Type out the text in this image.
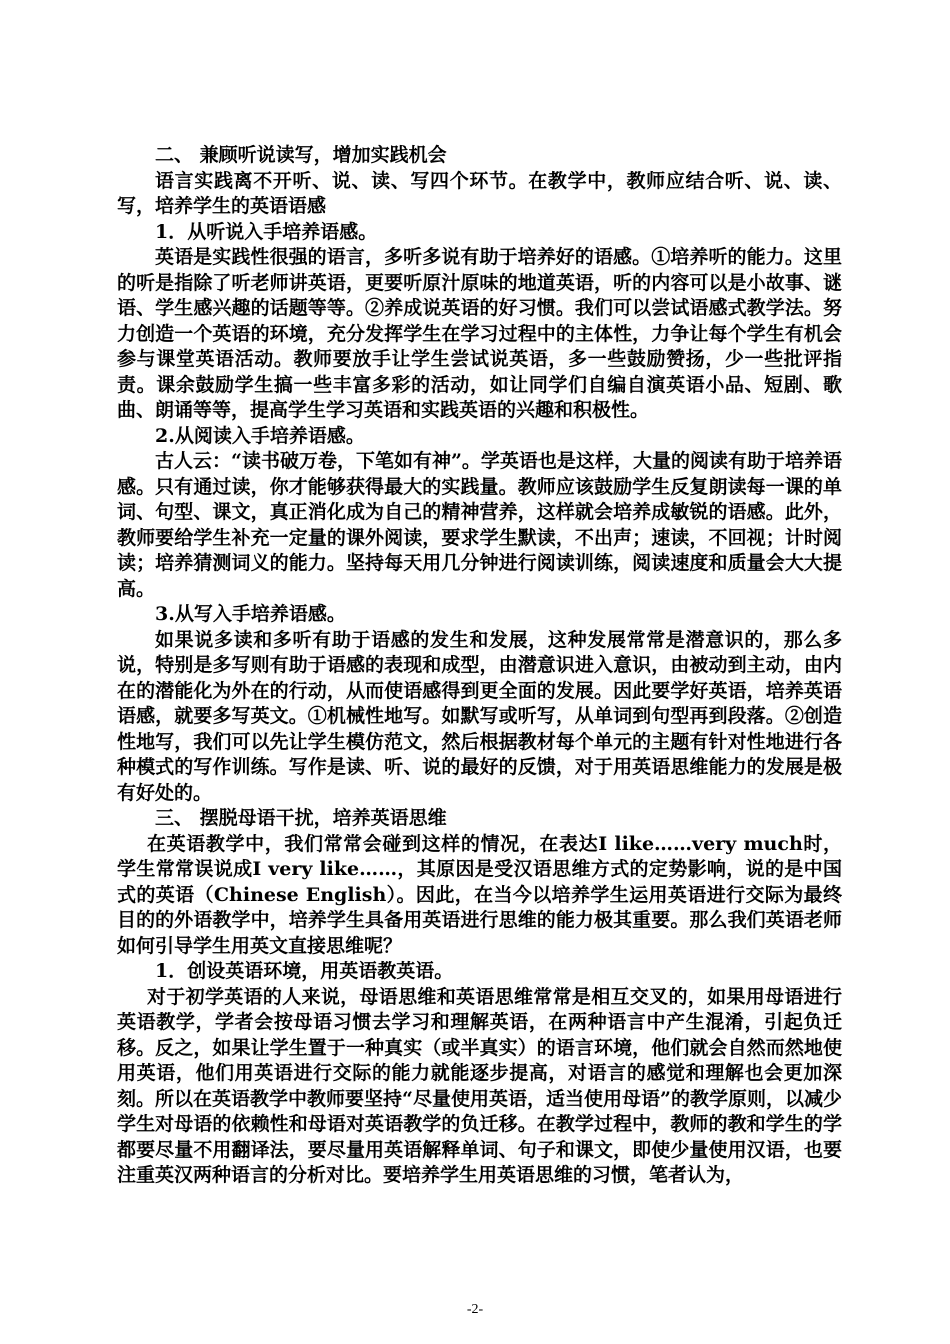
二、 兼顾听说读写，增加实践机会

语言实践离不开听、说、读、写四个环节。在教学中，教师应结合听、说、读、写，培养学生的英语语感

1．从听说入手培养语感。

英语是实践性很强的语言，多听多说有助于培养好的语感。①培养听的能力。这里的听是指除了听老师讲英语，更要听原汁原味的地道英语，听的内容可以是小故事、谜语、学生感兴趣的话题等等。②养成说英语的好习惯。我们可以尝试语感式教学法。努力创造一个英语的环境，充分发挥学生在学习过程中的主体性，力争让每个学生有机会参与课堂英语活动。教师要放手让学生尝试说英语，多一些鼓励赞扬，少一些批评指责。课余鼓励学生搞一些丰富多彩的活动，如让同学们自编自演英语小品、短剧、歌曲、朗诵等等，提高学生学习英语和实践英语的兴趣和积极性。

2.从阅读入手培养语感。

古人云：“读书破万卷，下笔如有神”。学英语也是这样，大量的阅读有助于培养语感。只有通过读，你才能够获得最大的实践量。教师应该鼓励学生反复朗读每一课的单词、句型、课文，真正消化成为自己的精神营养，这样就会培养成敏锐的语感。此外，教师要给学生补充一定量的课外阅读，要求学生默读，不出声；速读，不回视；计时阅读；培养猜测词义的能力。坚持每天用几分钟进行阅读训练，阅读速度和质量会大大提高。

3.从写入手培养语感。

如果说多读和多听有助于语感的发生和发展，这种发展常常是潜意识的，那么多说，特别是多写则有助于语感的表现和成型，由潜意识进入意识，由被动到主动，由内在的潜能化为外在的行动，从而使语感得到更全面的发展。因此要学好英语，培养英语语感，就要多写英文。①机械性地写。如默写或听写，从单词到句型再到段落。②创造性地写，我们可以先让学生模仿范文，然后根据教材每个单元的主题有针对性地进行各种模式的写作训练。写作是读、听、说的最好的反馈，对于用英语思维能力的发展是极有好处的。

三、 摆脱母语干扰，培养英语思维

在英语教学中，我们常常会碰到这样的情况，在表达I like……very much时，学生常常误说成I very like……，其原因是受汉语思维方式的定势影响，说的是中国式的英语（Chinese English）。因此，在当今以培养学生运用英语进行交际为最终目的的外语教学中，培养学生具备用英语进行思维的能力极其重要。那么我们英语老师如何引导学生用英文直接思维呢？

1．创设英语环境，用英语教英语。

对于初学英语的人来说，母语思维和英语思维常常是相互交叉的，如果用母语进行英语教学，学者会按母语习惯去学习和理解英语，在两种语言中产生混淆，引起负迁移。反之，如果让学生置于一种真实（或半真实）的语言环境，他们就会自然而然地使用英语，他们用英语进行交际的能力就能逐步提高，对语言的感觉和理解也会更加深刻。所以在英语教学中教师要坚持“尽量使用英语，适当使用母语”的教学原则，以减少学生对母语的依赖性和母语对英语教学的负迁移。在教学过程中，教师的教和学生的学都要尽量不用翻译法，要尽量用英语解释单词、句子和课文，即使少量使用汉语，也要注重英汉两种语言的分析对比。要培养学生用英语思维的习惯，笔者认为，

-2-
